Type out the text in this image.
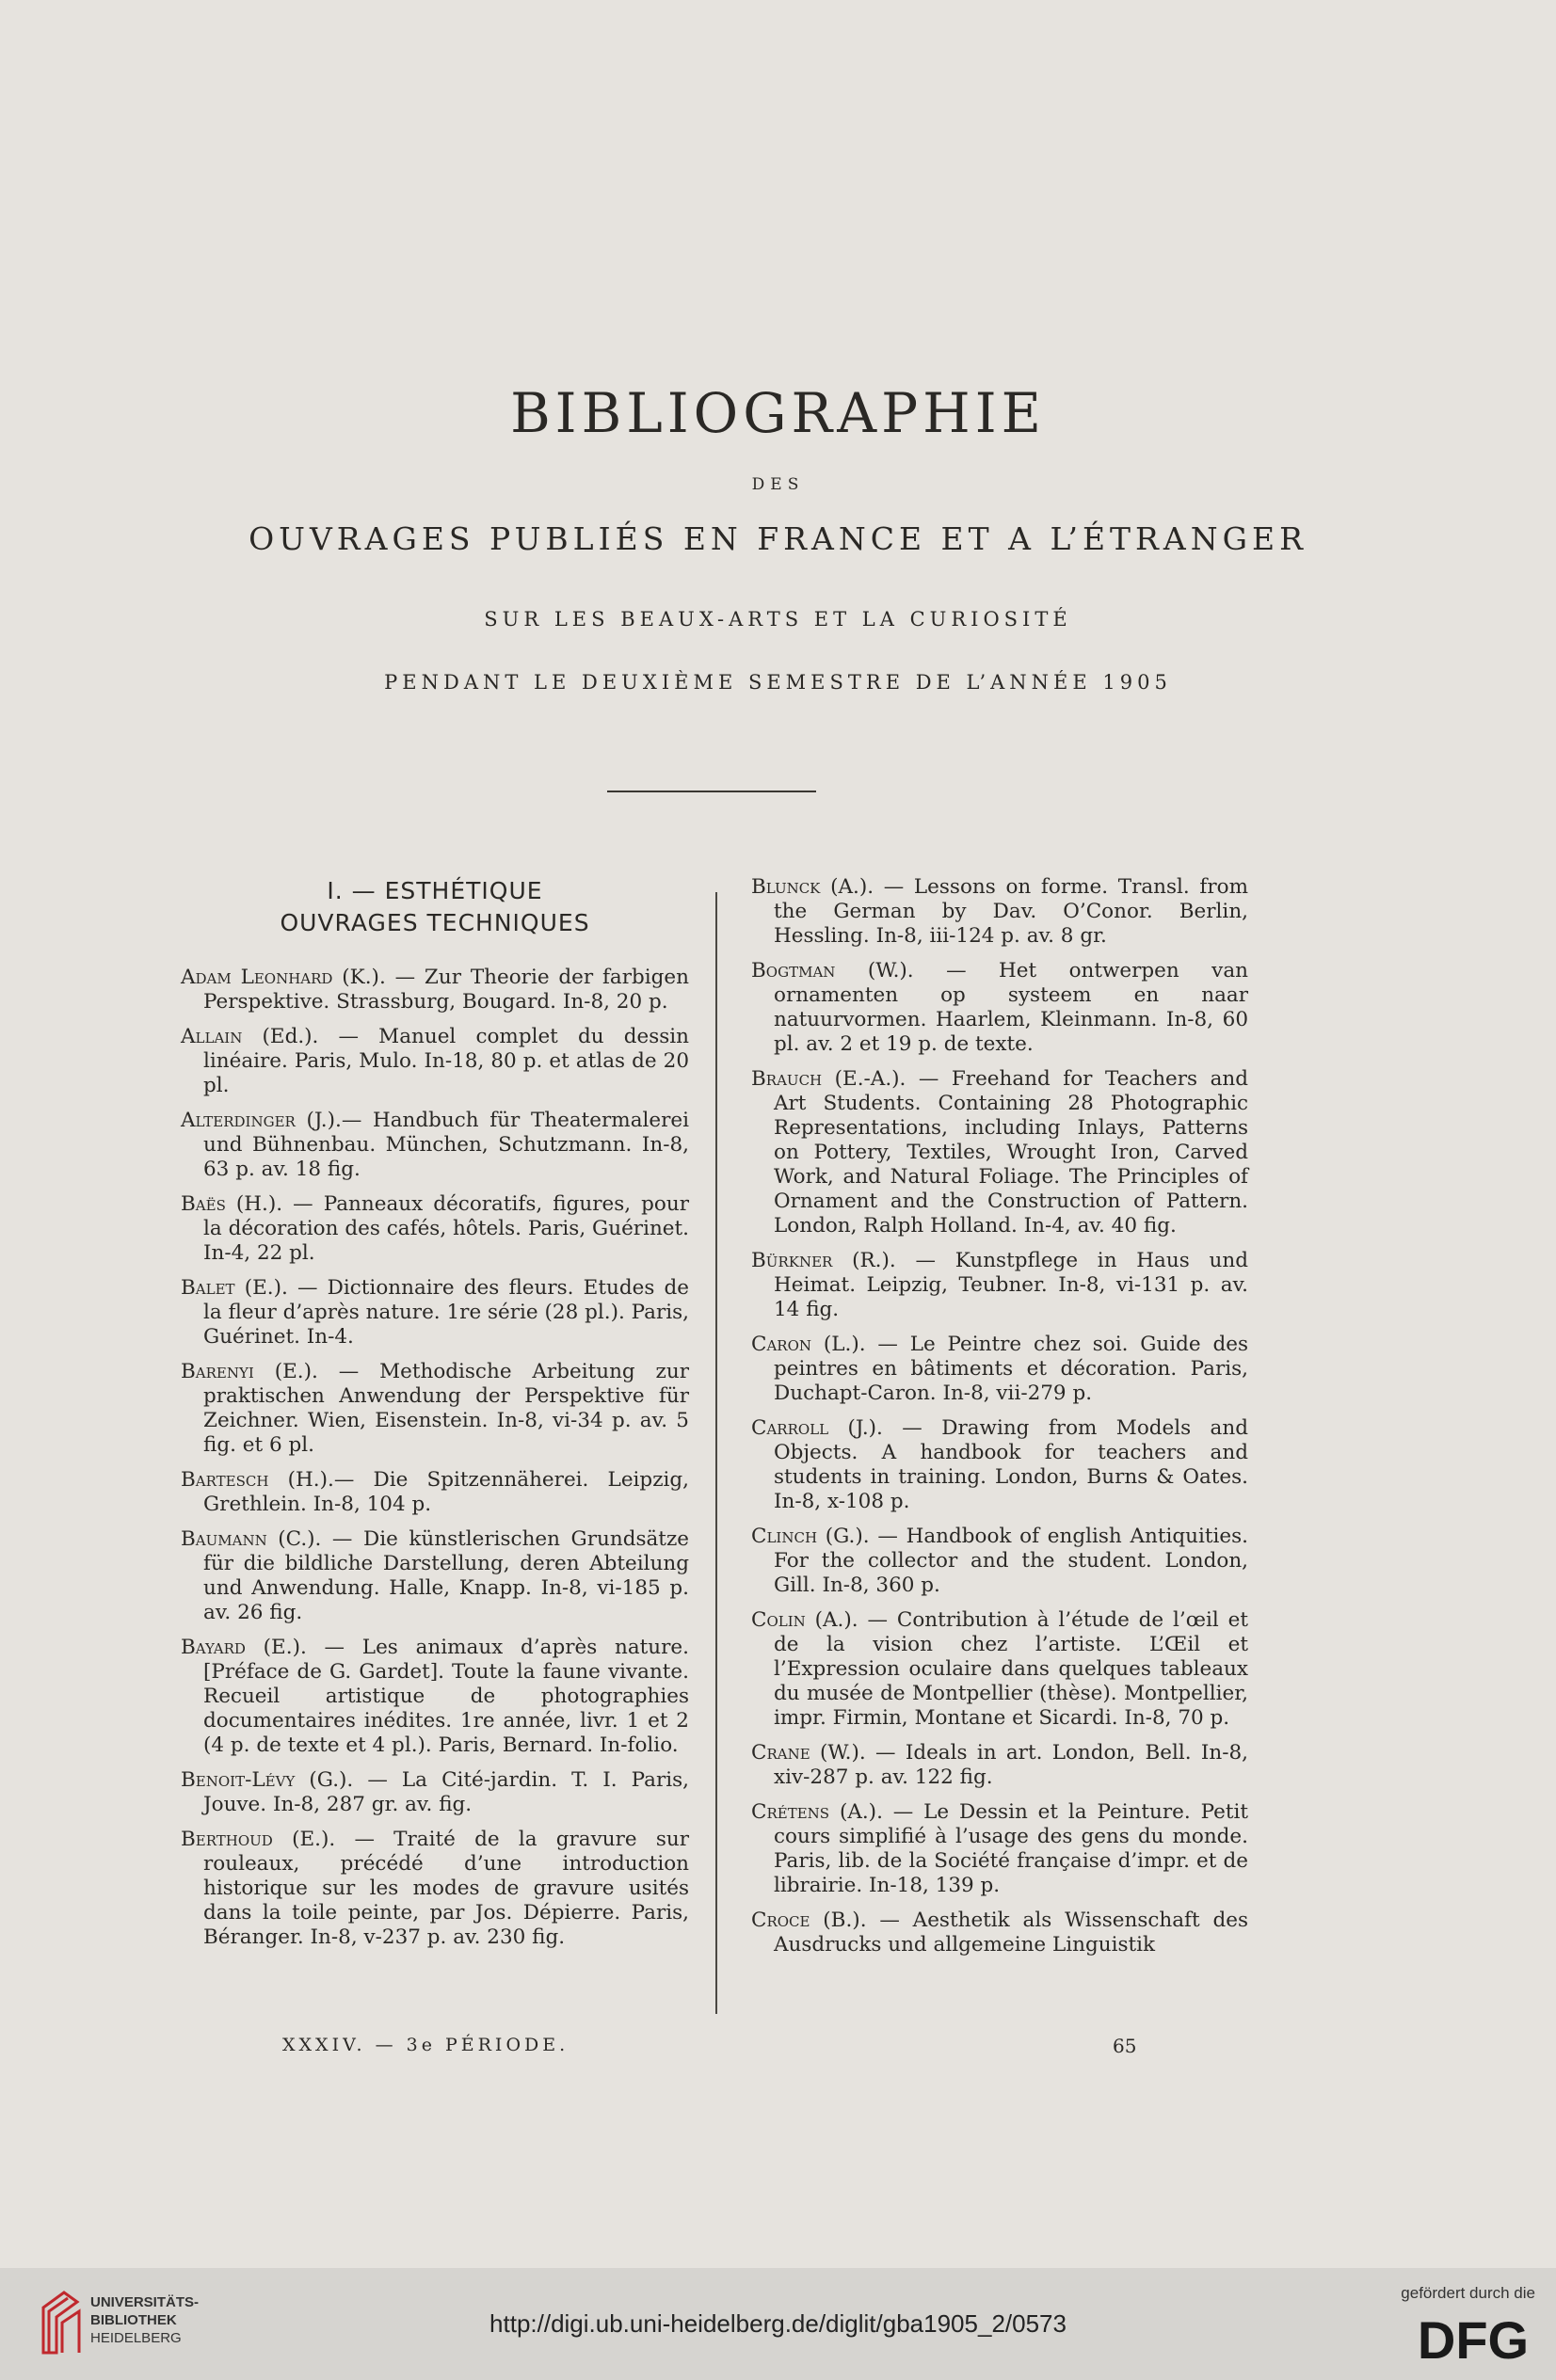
BIBLIOGRAPHIE
DES
OUVRAGES PUBLIÉS EN FRANCE ET A L’ÉTRANGER
SUR LES BEAUX-ARTS ET LA CURIOSITÉ
PENDANT LE DEUXIÈME SEMESTRE DE L’ANNÉE 1905
I. — ESTHÉTIQUE
OUVRAGES TECHNIQUES
Adam Leonhard (K.). — Zur Theorie der farbigen Perspektive. Strassburg, Bougard. In-8, 20 p.
Allain (Ed.). — Manuel complet du dessin linéaire. Paris, Mulo. In-18, 80 p. et atlas de 20 pl.
Alterdinger (J.).— Handbuch für Theatermalerei und Bühnenbau. München, Schutzmann. In-8, 63 p. av. 18 fig.
Baës (H.). — Panneaux décoratifs, figures, pour la décoration des cafés, hôtels. Paris, Guérinet. In-4, 22 pl.
Balet (E.). — Dictionnaire des fleurs. Etudes de la fleur d’après nature. 1re série (28 pl.). Paris, Guérinet. In-4.
Barenyi (E.). — Methodische Arbeitung zur praktischen Anwendung der Perspektive für Zeichner. Wien, Eisenstein. In-8, vi-34 p. av. 5 fig. et 6 pl.
Bartesch (H.).— Die Spitzennäherei. Leipzig, Grethlein. In-8, 104 p.
Baumann (C.). — Die künstlerischen Grundsätze für die bildliche Darstellung, deren Abteilung und Anwendung. Halle, Knapp. In-8, vi-185 p. av. 26 fig.
Bayard (E.). — Les animaux d’après nature. [Préface de G. Gardet]. Toute la faune vivante. Recueil artistique de photographies documentaires inédites. 1re année, livr. 1 et 2 (4 p. de texte et 4 pl.). Paris, Bernard. In-folio.
Benoit-Lévy (G.). — La Cité-jardin. T. I. Paris, Jouve. In-8, 287 gr. av. fig.
Berthoud (E.). — Traité de la gravure sur rouleaux, précédé d’une introduction historique sur les modes de gravure usités dans la toile peinte, par Jos. Dépierre. Paris, Béranger. In-8, v-237 p. av. 230 fig.
Blunck (A.). — Lessons on forme. Transl. from the German by Dav. O’Conor. Berlin, Hessling. In-8, iii-124 p. av. 8 gr.
Bogtman (W.). — Het ontwerpen van ornamenten op systeem en naar natuurvormen. Haarlem, Kleinmann. In-8, 60 pl. av. 2 et 19 p. de texte.
Brauch (E.-A.). — Freehand for Teachers and Art Students. Containing 28 Photographic Representations, including Inlays, Patterns on Pottery, Textiles, Wrought Iron, Carved Work, and Natural Foliage. The Principles of Ornament and the Construction of Pattern. London, Ralph Holland. In-4, av. 40 fig.
Bürkner (R.). — Kunstpflege in Haus und Heimat. Leipzig, Teubner. In-8, vi-131 p. av. 14 fig.
Caron (L.). — Le Peintre chez soi. Guide des peintres en bâtiments et décoration. Paris, Duchapt-Caron. In-8, vii-279 p.
Carroll (J.). — Drawing from Models and Objects. A handbook for teachers and students in training. London, Burns & Oates. In-8, x-108 p.
Clinch (G.). — Handbook of english Antiquities. For the collector and the student. London, Gill. In-8, 360 p.
Colin (A.). — Contribution à l’étude de l’œil et de la vision chez l’artiste. L’Œil et l’Expression oculaire dans quelques tableaux du musée de Montpellier (thèse). Montpellier, impr. Firmin, Montane et Sicardi. In-8, 70 p.
Crane (W.). — Ideals in art. London, Bell. In-8, xiv-287 p. av. 122 fig.
Crétens (A.). — Le Dessin et la Peinture. Petit cours simplifié à l’usage des gens du monde. Paris, lib. de la Société française d’impr. et de librairie. In-18, 139 p.
Croce (B.). — Aesthetik als Wissenschaft des Ausdrucks und allgemeine Linguistik
XXXIV. — 3e PÉRIODE.	65
UNIVERSITÄTS-
BIBLIOTHEK
HEIDELBERG
http://digi.ub.uni-heidelberg.de/diglit/gba1905_2/0573
gefördert durch die
DFG
